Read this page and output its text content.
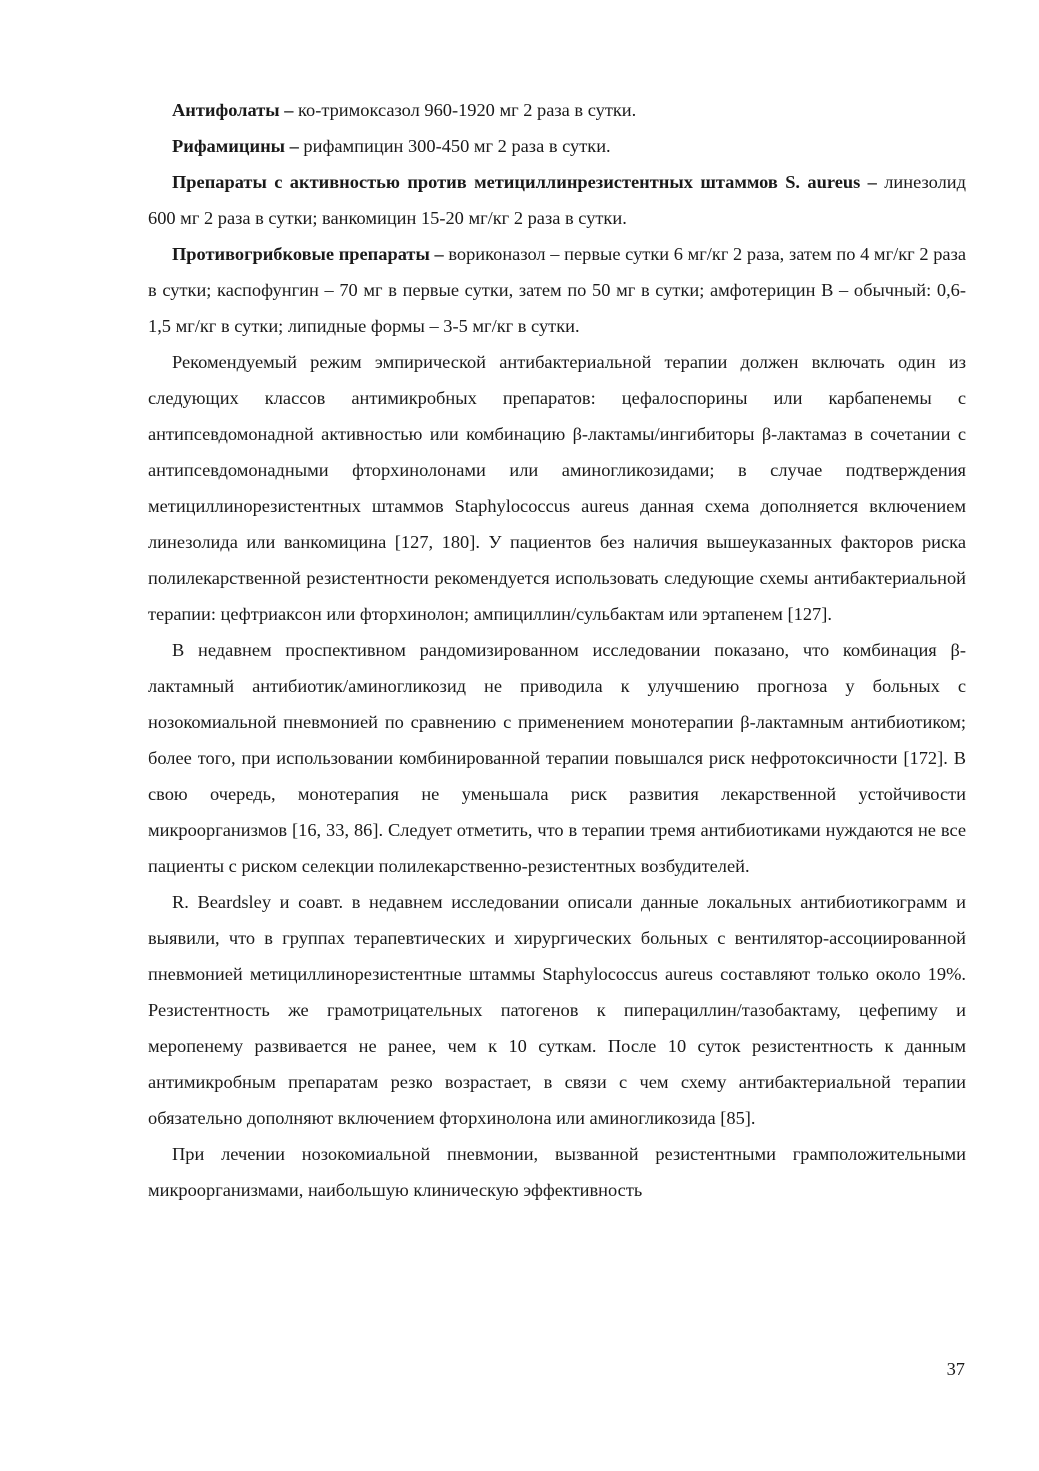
Антифолаты – ко-тримоксазол 960-1920 мг 2 раза в сутки.

Рифамицины – рифампицин 300-450 мг 2 раза в сутки.

Препараты с активностью против метициллинрезистентных штаммов S. aureus – линезолид 600 мг 2 раза в сутки; ванкомицин 15-20 мг/кг 2 раза в сутки.

Противогрибковые препараты – вориконазол – первые сутки 6 мг/кг 2 раза, затем по 4 мг/кг 2 раза в сутки; каспофунгин – 70 мг в первые сутки, затем по 50 мг в сутки; амфотерицин В – обычный: 0,6-1,5 мг/кг в сутки; липидные формы – 3-5 мг/кг в сутки.

Рекомендуемый режим эмпирической антибактериальной терапии должен включать один из следующих классов антимикробных препаратов: цефалоспорины или карбапенемы с антипсевдомонадной активностью или комбинацию β-лактамы/ингибиторы β-лактамаз в сочетании с антипсевдомонадными фторхинолонами или аминогликозидами; в случае подтверждения метициллинорезистентных штаммов Staphylococcus aureus данная схема дополняется включением линезолида или ванкомицина [127, 180]. У пациентов без наличия вышеуказанных факторов риска полилекарственной резистентности рекомендуется использовать следующие схемы антибактериальной терапии: цефтриаксон или фторхинолон; ампициллин/сульбактам или эртапенем [127].

В недавнем проспективном рандомизированном исследовании показано, что комбинация β-лактамный антибиотик/аминогликозид не приводила к улучшению прогноза у больных с нозокомиальной пневмонией по сравнению с применением монотерапии β-лактамным антибиотиком; более того, при использовании комбинированной терапии повышался риск нефротоксичности [172]. В свою очередь, монотерапия не уменьшала риск развития лекарственной устойчивости микроорганизмов [16, 33, 86]. Следует отметить, что в терапии тремя антибиотиками нуждаются не все пациенты с риском селекции полилекарственно-резистентных возбудителей.

R. Beardsley и соавт. в недавнем исследовании описали данные локальных антибиотикограмм и выявили, что в группах терапевтических и хирургических больных с вентилятор-ассоциированной пневмонией метициллинорезистентные штаммы Staphylococcus aureus составляют только около 19%. Резистентность же грамотрицательных патогенов к пиперациллин/тазобактаму, цефепиму и меропенему развивается не ранее, чем к 10 суткам. После 10 суток резистентность к данным антимикробным препаратам резко возрастает, в связи с чем схему антибактериальной терапии обязательно дополняют включением фторхинолона или аминогликозида [85].

При лечении нозокомиальной пневмонии, вызванной резистентными грамположительными микроорганизмами, наибольшую клиническую эффективность

37
